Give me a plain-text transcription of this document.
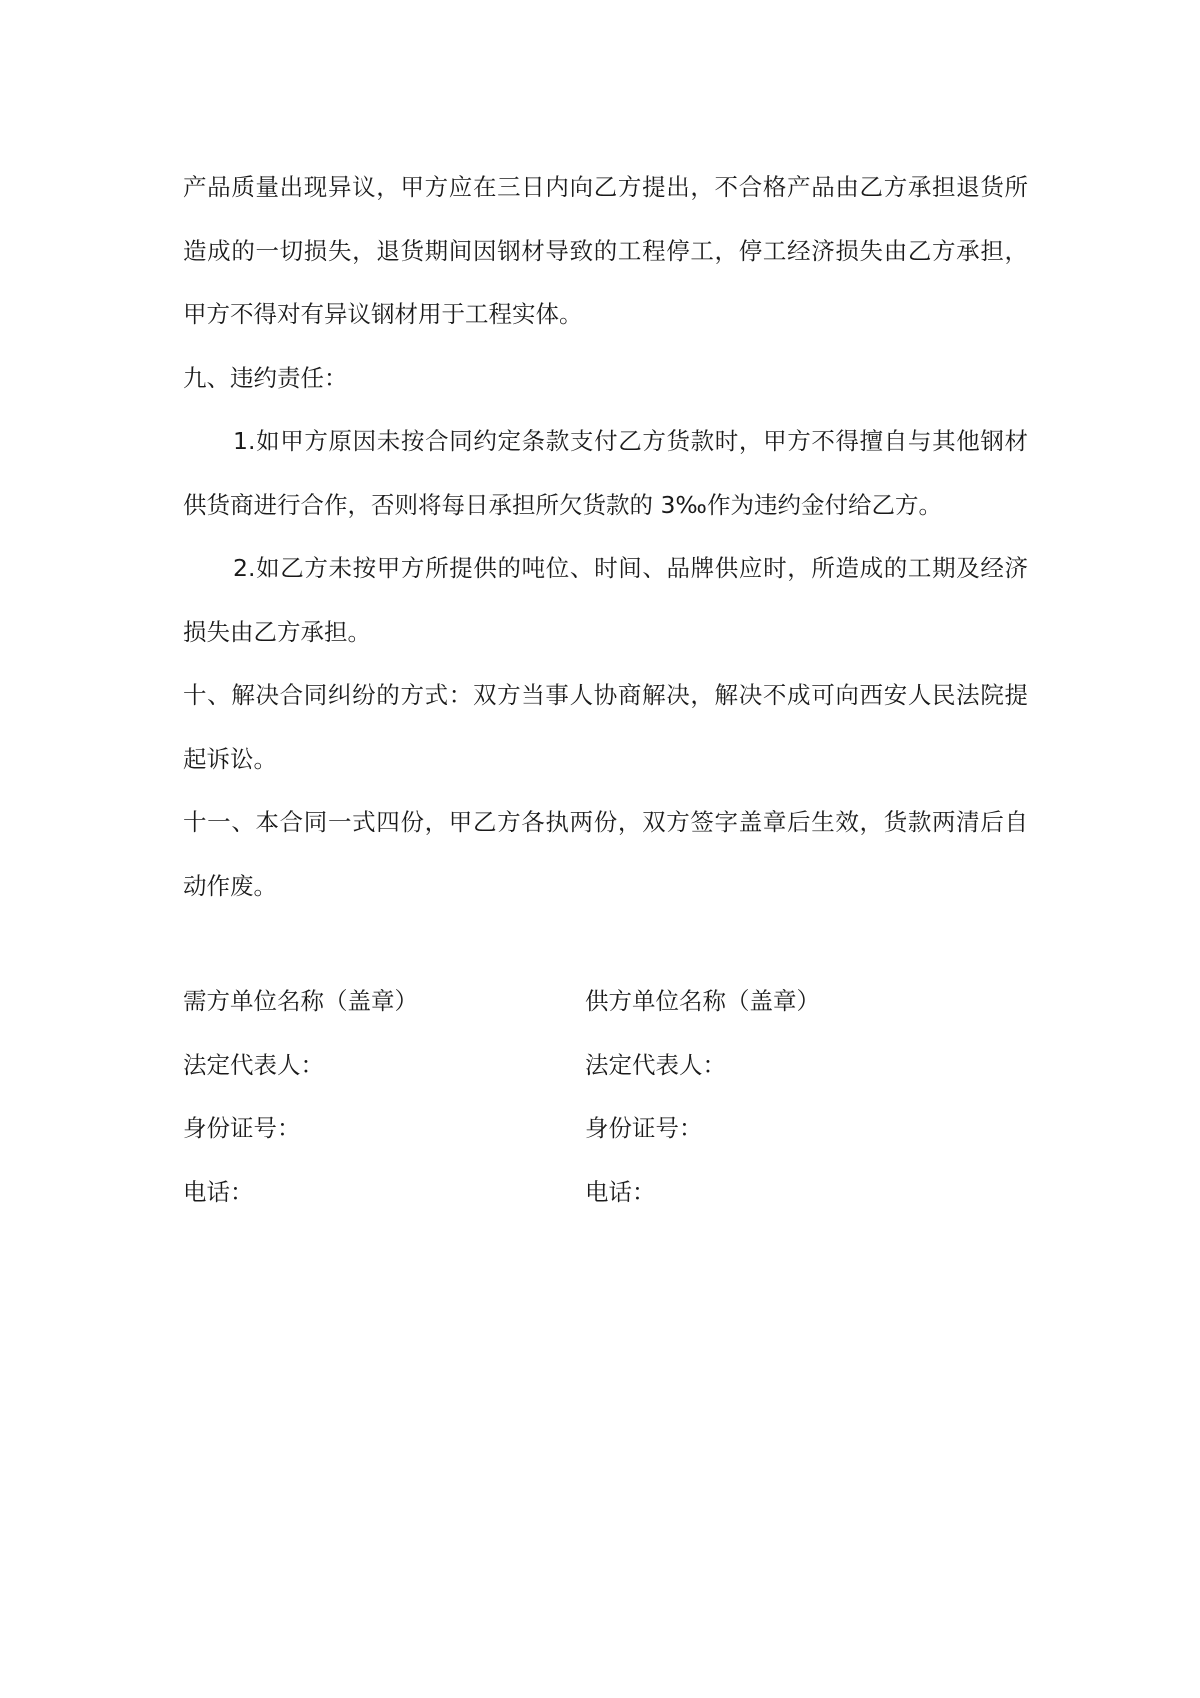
产品质量出现异议，甲方应在三日内向乙方提出，不合格产品由乙方承担退货所
造成的一切损失，退货期间因钢材导致的工程停工，停工经济损失由乙方承担，
甲方不得对有异议钢材用于工程实体。
九、违约责任：
1.如甲方原因未按合同约定条款支付乙方货款时，甲方不得擅自与其他钢材
供货商进行合作，否则将每日承担所欠货款的 3‰作为违约金付给乙方。
2.如乙方未按甲方所提供的吨位、时间、品牌供应时，所造成的工期及经济
损失由乙方承担。
十、解决合同纠纷的方式：双方当事人协商解决，解决不成可向西安人民法院提
起诉讼。
十一、本合同一式四份，甲乙方各执两份，双方签字盖章后生效，货款两清后自
动作废。
需方单位名称（盖章）	供方单位名称（盖章）
法定代表人：	法定代表人：
身份证号：	身份证号：
电话：	电话：
